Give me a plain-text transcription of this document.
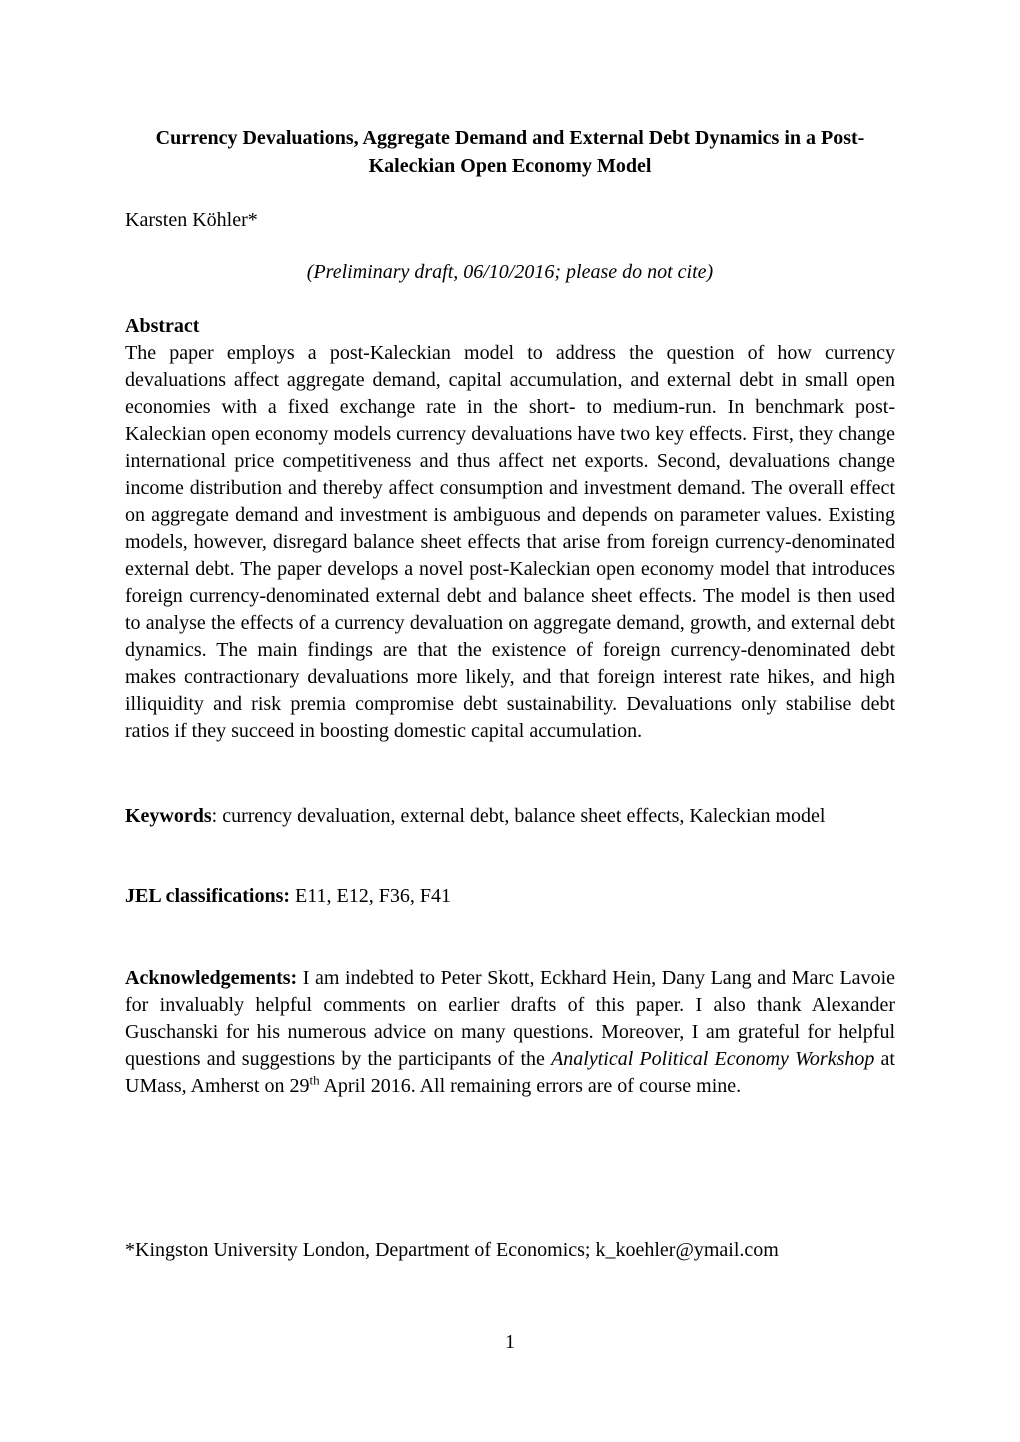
Currency Devaluations, Aggregate Demand and External Debt Dynamics in a Post-
Kaleckian Open Economy Model

Karsten Köhler*

(Preliminary draft, 06/10/2016; please do not cite)

Abstract

The paper employs a post-Kaleckian model to address the question of how currency devaluations affect aggregate demand, capital accumulation, and external debt in small open economies with a fixed exchange rate in the short- to medium-run. In benchmark post-Kaleckian open economy models currency devaluations have two key effects. First, they change international price competitiveness and thus affect net exports. Second, devaluations change income distribution and thereby affect consumption and investment demand. The overall effect on aggregate demand and investment is ambiguous and depends on parameter values. Existing models, however, disregard balance sheet effects that arise from foreign currency-denominated external debt. The paper develops a novel post-Kaleckian open economy model that introduces foreign currency-denominated external debt and balance sheet effects. The model is then used to analyse the effects of a currency devaluation on aggregate demand, growth, and external debt dynamics. The main findings are that the existence of foreign currency-denominated debt makes contractionary devaluations more likely, and that foreign interest rate hikes, and high illiquidity and risk premia compromise debt sustainability. Devaluations only stabilise debt ratios if they succeed in boosting domestic capital accumulation.

Keywords: currency devaluation, external debt, balance sheet effects, Kaleckian model

JEL classifications: E11, E12, F36, F41

Acknowledgements: I am indebted to Peter Skott, Eckhard Hein, Dany Lang and Marc Lavoie for invaluably helpful comments on earlier drafts of this paper. I also thank Alexander Guschanski for his numerous advice on many questions. Moreover, I am grateful for helpful questions and suggestions by the participants of the Analytical Political Economy Workshop at UMass, Amherst on 29th April 2016. All remaining errors are of course mine.

*Kingston University London, Department of Economics; k_koehler@ymail.com

1
